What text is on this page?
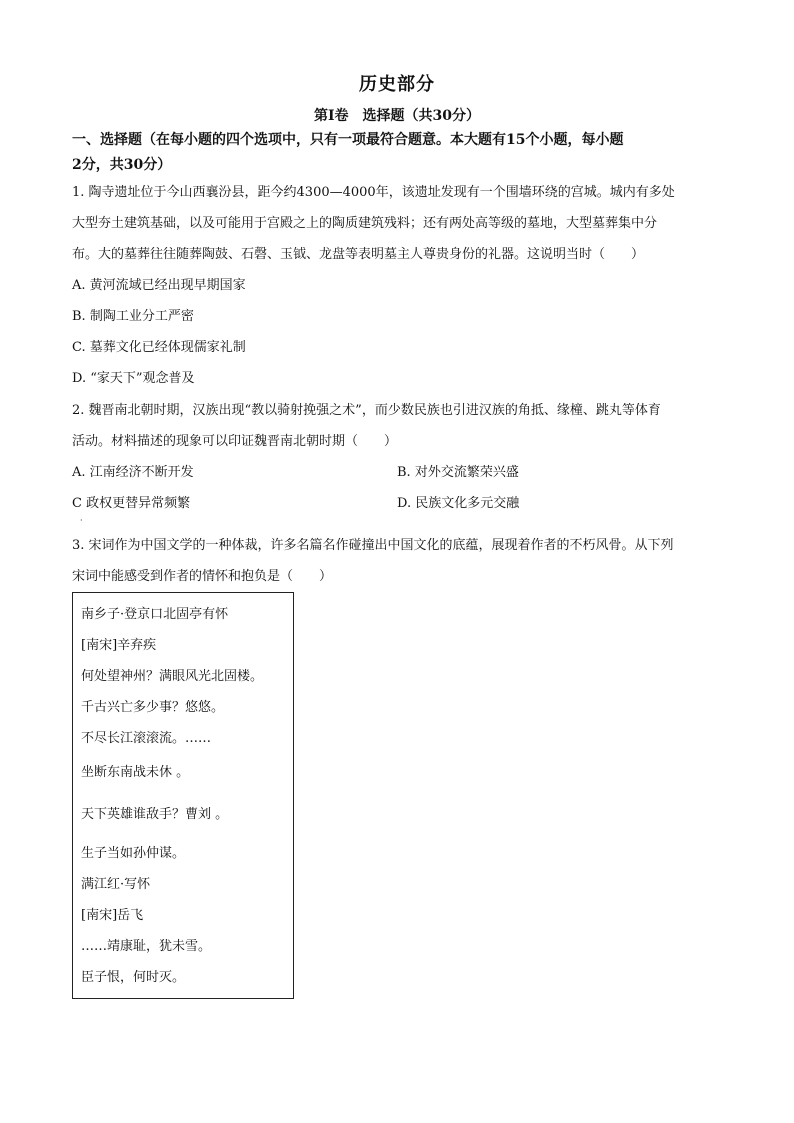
历史部分
第Ⅰ卷　选择题（共30分）
一、选择题（在每小题的四个选项中，只有一项最符合题意。本大题有15个小题，每小题
2分，共30分）
1. 陶寺遗址位于今山西襄汾县，距今约4300—4000年，该遗址发现有一个围墙环绕的宫城。城内有多处
大型夯土建筑基础，以及可能用于宫殿之上的陶质建筑残料；还有两处高等级的墓地，大型墓葬集中分
布。大的墓葬往往随葬陶鼓、石磬、玉钺、龙盘等表明墓主人尊贵身份的礼器。这说明当时（　　）
A. 黄河流域已经出现早期国家
B. 制陶工业分工严密
C. 墓葬文化已经体现儒家礼制
D. “家天下”观念普及
2. 魏晋南北朝时期，汉族出现“教以骑射挽强之术”，而少数民族也引进汉族的角抵、缘橦、跳丸等体育
活动。材料描述的现象可以印证魏晋南北朝时期（　　）
A. 江南经济不断开发	B. 对外交流繁荣兴盛
C 政权更替异常频繁	D. 民族文化多元交融
·
3. 宋词作为中国文学的一种体裁，许多名篇名作碰撞出中国文化的底蕴，展现着作者的不朽风骨。从下列
宋词中能感受到作者的情怀和抱负是（　　）
南乡子·登京口北固亭有怀
[南宋]辛弃疾
何处望神州？满眼风光北固楼。
千古兴亡多少事？悠悠。
不尽长江滚滚流。……
坐断东南战未休 。
天下英雄谁敌手？曹刘 。
生子当如孙仲谋。
满江红·写怀
[南宋]岳飞
……靖康耻，犹未雪。
臣子恨，何时灭。
